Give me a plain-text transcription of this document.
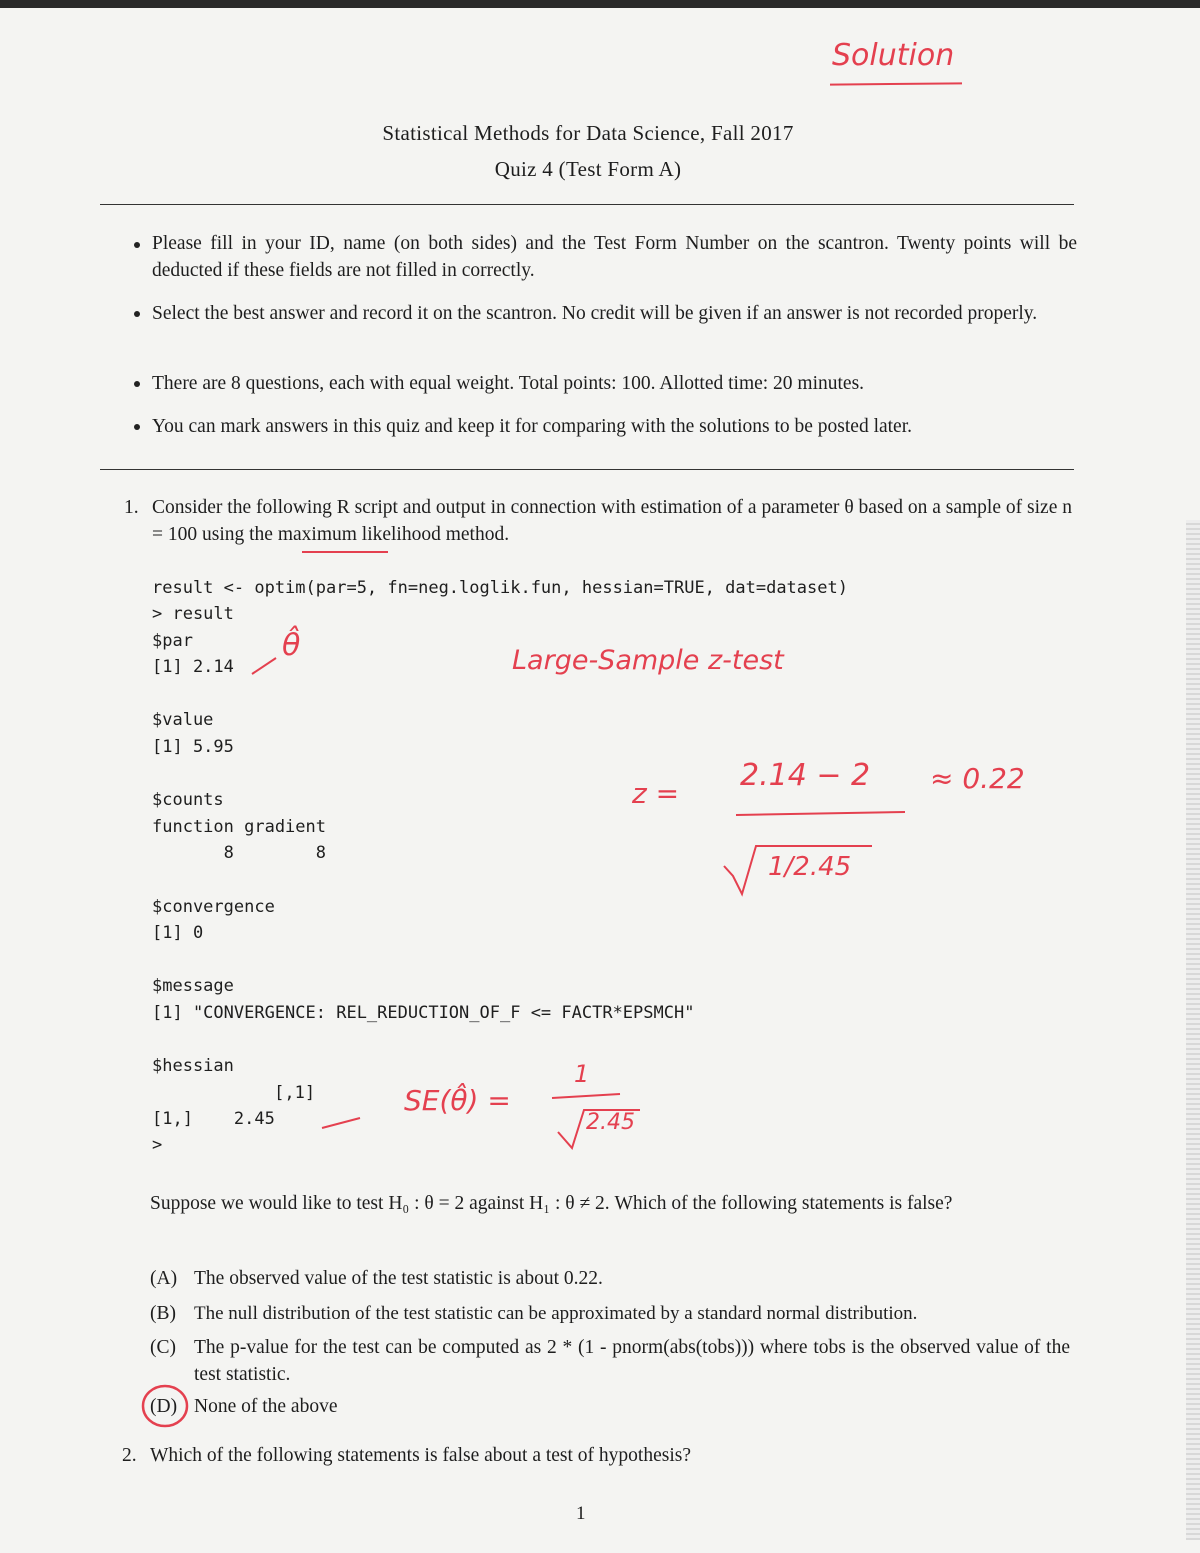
Solution
Statistical Methods for Data Science, Fall 2017
Quiz 4 (Test Form A)
Please fill in your ID, name (on both sides) and the Test Form Number on the scantron. Twenty points will be deducted if these fields are not filled in correctly.
Select the best answer and record it on the scantron. No credit will be given if an answer is not recorded properly.
There are 8 questions, each with equal weight. Total points: 100. Allotted time: 20 minutes.
You can mark answers in this quiz and keep it for comparing with the solutions to be posted later.
1. Consider the following R script and output in connection with estimation of a parameter θ based on a sample of size n = 100 using the maximum likelihood method.
result <- optim(par=5, fn=neg.loglik.fun, hessian=TRUE, dat=dataset)
> result
$par
[1] 2.14
$value
[1] 5.95
$counts
function gradient
8        8
$convergence
[1] 0
$message
[1] "CONVERGENCE: REL_REDUCTION_OF_F <= FACTR*EPSMCH"
$hessian
[,1]
[1,]    2.45
>
θ̂	Large-Sample z-test
z =
2.14 − 2
1/2.45
≈ 0.22
SE(θ̂) =
1
2.45
Suppose we would like to test H₀ : θ = 2 against H₁ : θ ≠ 2. Which of the following statements is false?
(A) The observed value of the test statistic is about 0.22.
(B) The null distribution of the test statistic can be approximated by a standard normal distribution.
(C) The p-value for the test can be computed as 2 * (1 - pnorm(abs(tobs))) where tobs is the observed value of the test statistic.
(D) None of the above
2. Which of the following statements is false about a test of hypothesis?
1
